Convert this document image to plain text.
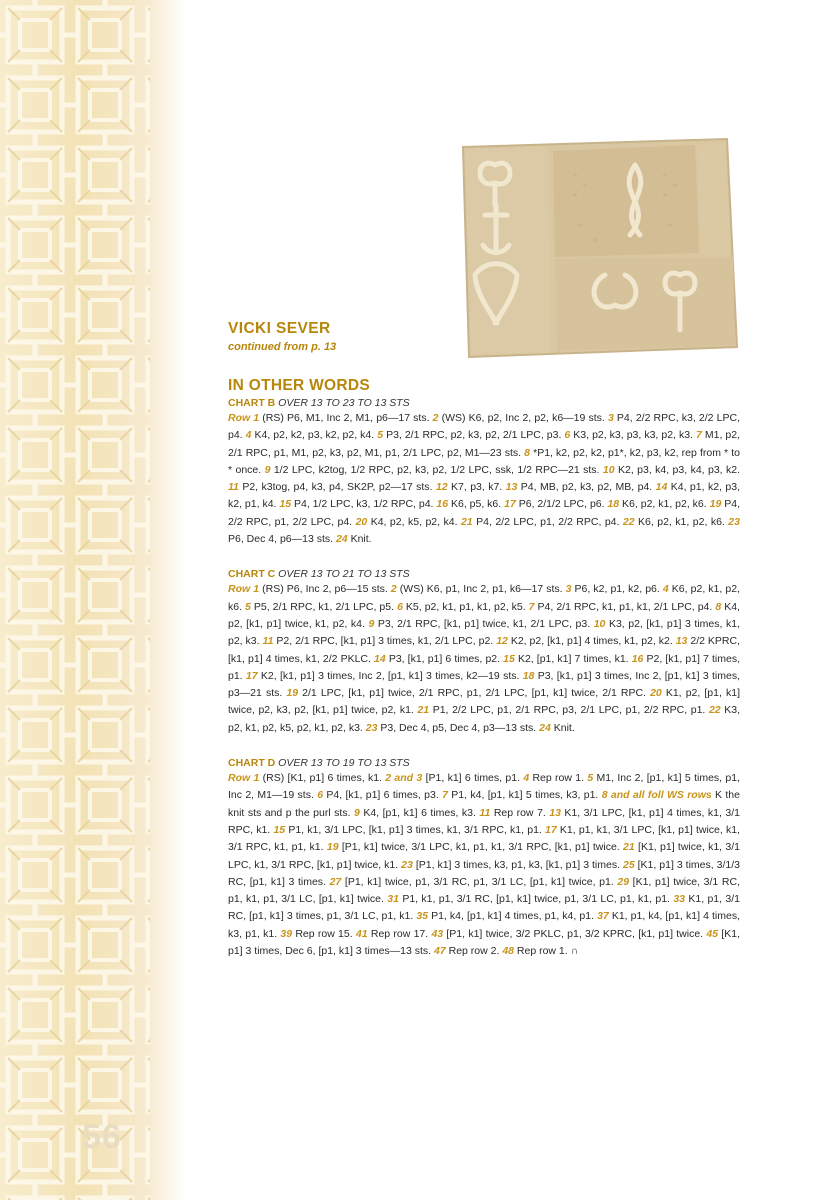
56

VICKI SEVER

continued from p. 13

IN OTHER WORDS

CHART B OVER 13 TO 23 TO 13 STS

Row 1 (RS) P6, M1, Inc 2, M1, p6—17 sts. 2 (WS) K6, p2, Inc 2, p2, k6—19 sts. 3 P4, 2/2 RPC, k3, 2/2 LPC, p4. 4 K4, p2, k2, p3, k2, p2, k4. 5 P3, 2/1 RPC, p2, k3, p2, 2/1 LPC, p3. 6 K3, p2, k3, p3, k3, p2, k3. 7 M1, p2, 2/1 RPC, p1, M1, p2, k3, p2, M1, p1, 2/1 LPC, p2, M1—23 sts. 8 *P1, k2, p2, k2, p1*, k2, p3, k2, rep from * to * once. 9 1/2 LPC, k2tog, 1/2 RPC, p2, k3, p2, 1/2 LPC, ssk, 1/2 RPC—21 sts. 10 K2, p3, k4, p3, k4, p3, k2. 11 P2, k3tog, p4, k3, p4, SK2P, p2—17 sts. 12 K7, p3, k7. 13 P4, MB, p2, k3, p2, MB, p4. 14 K4, p1, k2, p3, k2, p1, k4. 15 P4, 1/2 LPC, k3, 1/2 RPC, p4. 16 K6, p5, k6. 17 P6, 2/1/2 LPC, p6. 18 K6, p2, k1, p2, k6. 19 P4, 2/2 RPC, p1, 2/2 LPC, p4. 20 K4, p2, k5, p2, k4. 21 P4, 2/2 LPC, p1, 2/2 RPC, p4. 22 K6, p2, k1, p2, k6. 23 P6, Dec 4, p6—13 sts. 24 Knit.

CHART C OVER 13 TO 21 TO 13 STS

Row 1 (RS) P6, Inc 2, p6—15 sts. 2 (WS) K6, p1, Inc 2, p1, k6—17 sts. 3 P6, k2, p1, k2, p6. 4 K6, p2, k1, p2, k6. 5 P5, 2/1 RPC, k1, 2/1 LPC, p5. 6 K5, p2, k1, p1, k1, p2, k5. 7 P4, 2/1 RPC, k1, p1, k1, 2/1 LPC, p4. 8 K4, p2, [k1, p1] twice, k1, p2, k4. 9 P3, 2/1 RPC, [k1, p1] twice, k1, 2/1 LPC, p3. 10 K3, p2, [k1, p1] 3 times, k1, p2, k3. 11 P2, 2/1 RPC, [k1, p1] 3 times, k1, 2/1 LPC, p2. 12 K2, p2, [k1, p1] 4 times, k1, p2, k2. 13 2/2 KPRC, [k1, p1] 4 times, k1, 2/2 PKLC. 14 P3, [k1, p1] 6 times, p2. 15 K2, [p1, k1] 7 times, k1. 16 P2, [k1, p1] 7 times, p1. 17 K2, [k1, p1] 3 times, Inc 2, [p1, k1] 3 times, k2—19 sts. 18 P3, [k1, p1] 3 times, Inc 2, [p1, k1] 3 times, p3—21 sts. 19 2/1 LPC, [k1, p1] twice, 2/1 RPC, p1, 2/1 LPC, [p1, k1] twice, 2/1 RPC. 20 K1, p2, [p1, k1] twice, p2, k3, p2, [k1, p1] twice, p2, k1. 21 P1, 2/2 LPC, p1, 2/1 RPC, p3, 2/1 LPC, p1, 2/2 RPC, p1. 22 K3, p2, k1, p2, k5, p2, k1, p2, k3. 23 P3, Dec 4, p5, Dec 4, p3—13 sts. 24 Knit.

CHART D OVER 13 TO 19 TO 13 STS

Row 1 (RS) [K1, p1] 6 times, k1. 2 and 3 [P1, k1] 6 times, p1. 4 Rep row 1. 5 M1, Inc 2, [p1, k1] 5 times, p1, Inc 2, M1—19 sts. 6 P4, [k1, p1] 6 times, p3. 7 P1, k4, [p1, k1] 5 times, k3, p1. 8 and all foll WS rows K the knit sts and p the purl sts. 9 K4, [p1, k1] 6 times, k3. 11 Rep row 7. 13 K1, 3/1 LPC, [k1, p1] 4 times, k1, 3/1 RPC, k1. 15 P1, k1, 3/1 LPC, [k1, p1] 3 times, k1, 3/1 RPC, k1, p1. 17 K1, p1, k1, 3/1 LPC, [k1, p1] twice, k1, 3/1 RPC, k1, p1, k1. 19 [P1, k1] twice, 3/1 LPC, k1, p1, k1, 3/1 RPC, [k1, p1] twice. 21 [K1, p1] twice, k1, 3/1 LPC, k1, 3/1 RPC, [k1, p1] twice, k1. 23 [P1, k1] 3 times, k3, p1, k3, [k1, p1] 3 times. 25 [K1, p1] 3 times, 3/1/3 RC, [p1, k1] 3 times. 27 [P1, k1] twice, p1, 3/1 RC, p1, 3/1 LC, [p1, k1] twice, p1. 29 [K1, p1] twice, 3/1 RC, p1, k1, p1, 3/1 LC, [p1, k1] twice. 31 P1, k1, p1, 3/1 RC, [p1, k1] twice, p1, 3/1 LC, p1, k1, p1. 33 K1, p1, 3/1 RC, [p1, k1] 3 times, p1, 3/1 LC, p1, k1. 35 P1, k4, [p1, k1] 4 times, p1, k4, p1. 37 K1, p1, k4, [p1, k1] 4 times, k3, p1, k1. 39 Rep row 15. 41 Rep row 17. 43 [P1, k1] twice, 3/2 PKLC, p1, 3/2 KPRC, [k1, p1] twice. 45 [K1, p1] 3 times, Dec 6, [p1, k1] 3 times—13 sts. 47 Rep row 2. 48 Rep row 1. ∩
